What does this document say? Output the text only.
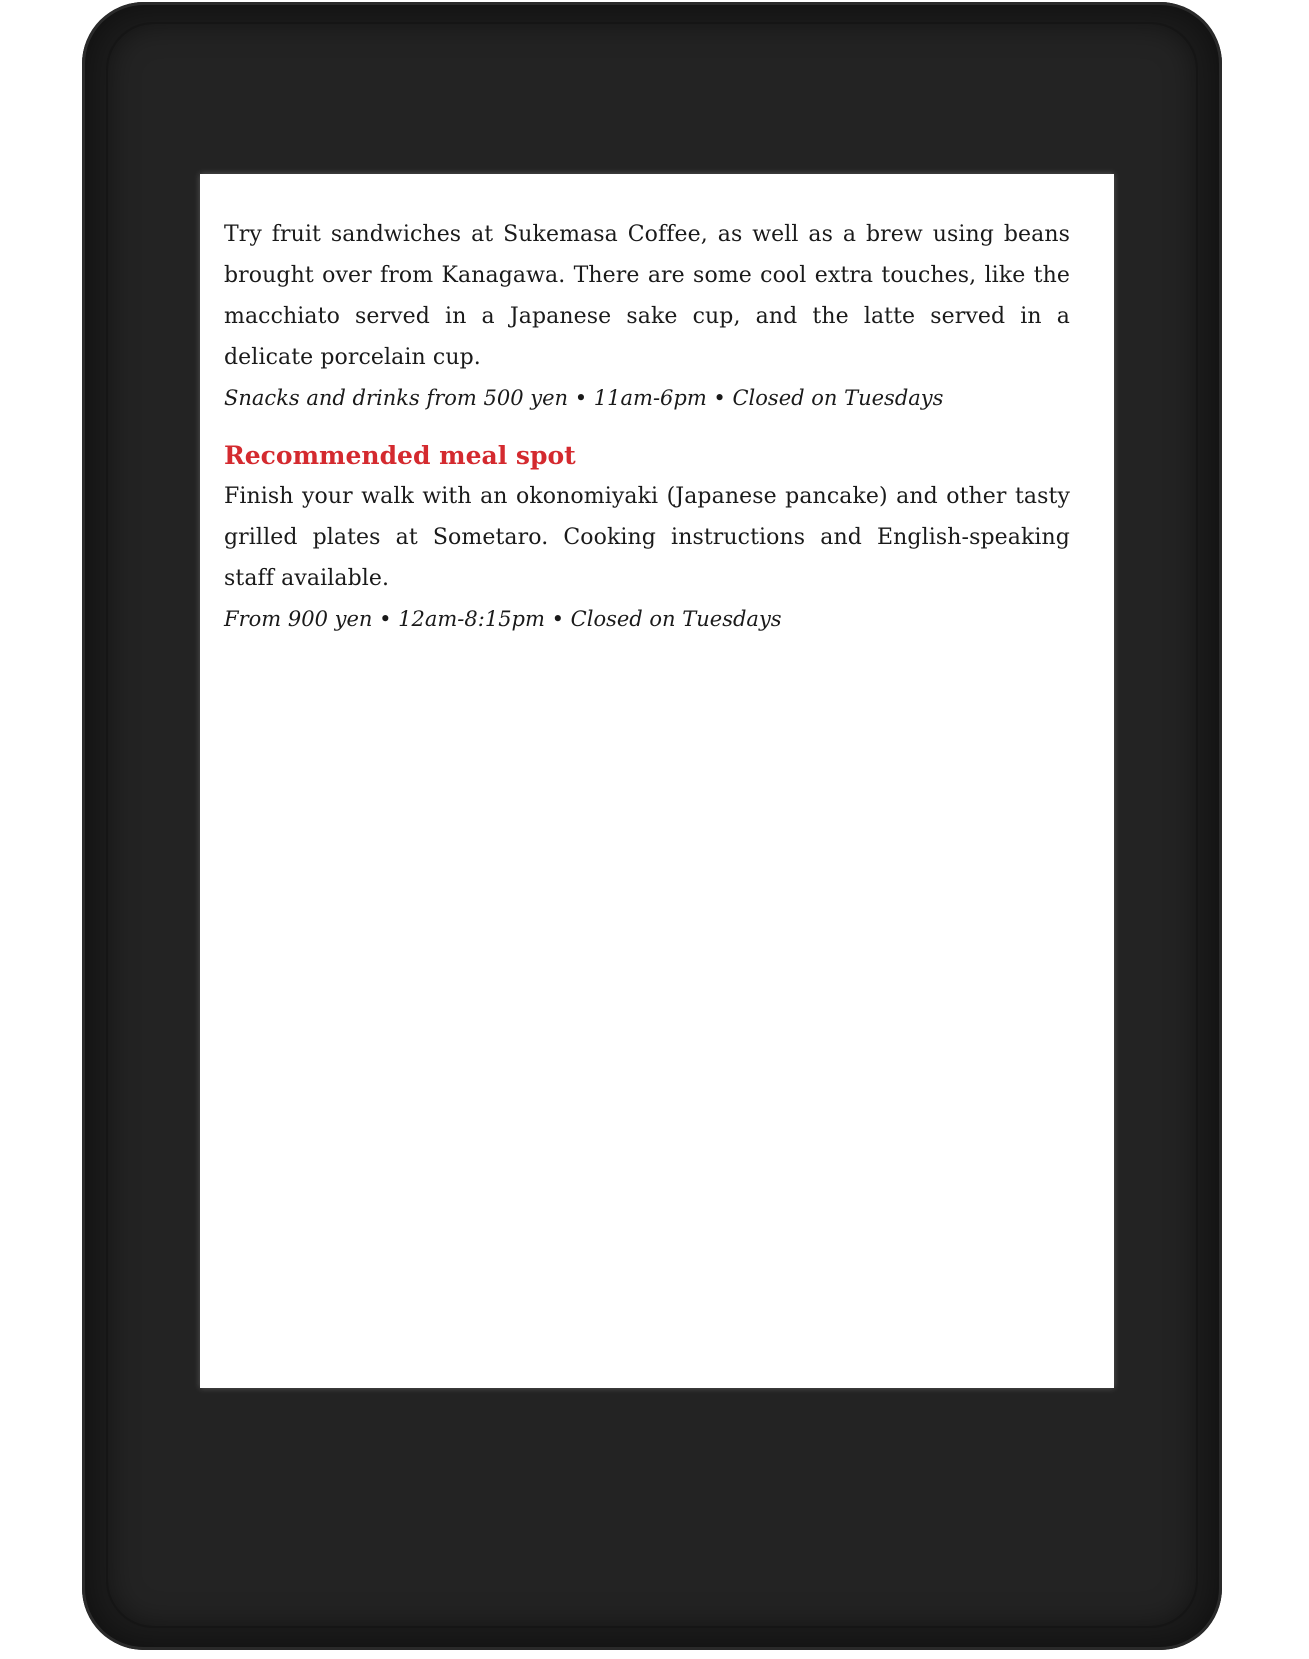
Try fruit sandwiches at Sukemasa Coffee, as well as a brew using beans brought over from Kanagawa. There are some cool extra touches, like the macchiato served in a Japanese sake cup, and the latte served in a delicate porcelain cup.

Snacks and drinks from 500 yen • 11am-6pm • Closed on Tuesdays

Recommended meal spot

Finish your walk with an okonomiyaki (Japanese pancake) and other tasty grilled plates at Sometaro. Cooking instructions and English-speaking staff available.

From 900 yen • 12am-8:15pm • Closed on Tuesdays
